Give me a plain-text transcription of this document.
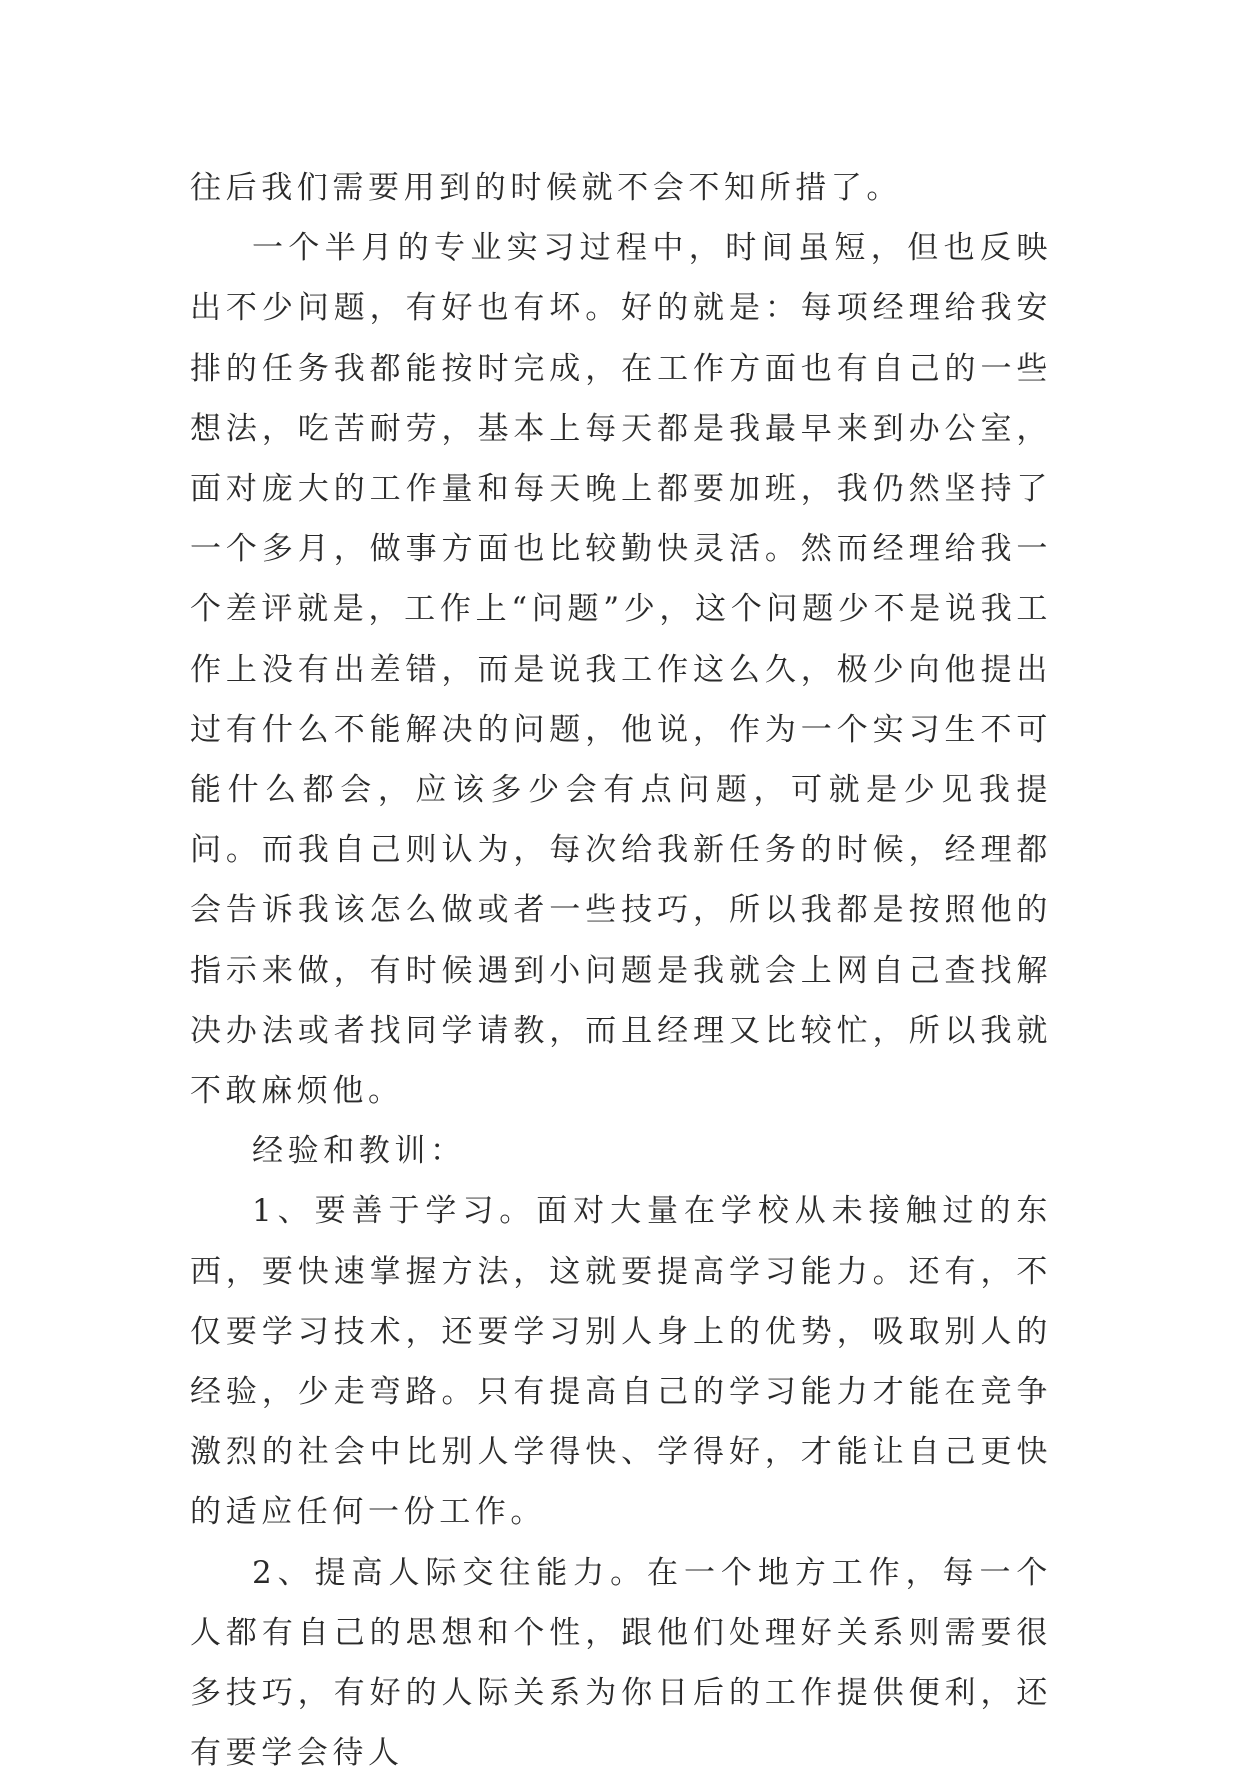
往后我们需要用到的时候就不会不知所措了。

一个半月的专业实习过程中，时间虽短，但也反映出不少问题，有好也有坏。好的就是：每项经理给我安排的任务我都能按时完成，在工作方面也有自己的一些想法，吃苦耐劳，基本上每天都是我最早来到办公室，面对庞大的工作量和每天晚上都要加班，我仍然坚持了一个多月，做事方面也比较勤快灵活。然而经理给我一个差评就是，工作上“问题”少，这个问题少不是说我工作上没有出差错，而是说我工作这么久，极少向他提出过有什么不能解决的问题，他说，作为一个实习生不可能什么都会，应该多少会有点问题，可就是少见我提问。而我自己则认为，每次给我新任务的时候，经理都会告诉我该怎么做或者一些技巧，所以我都是按照他的指示来做，有时候遇到小问题是我就会上网自己查找解决办法或者找同学请教，而且经理又比较忙，所以我就不敢麻烦他。

经验和教训：

1、要善于学习。面对大量在学校从未接触过的东西，要快速掌握方法，这就要提高学习能力。还有，不仅要学习技术，还要学习别人身上的优势，吸取别人的经验，少走弯路。只有提高自己的学习能力才能在竞争激烈的社会中比别人学得快、学得好，才能让自己更快的适应任何一份工作。

2、提高人际交往能力。在一个地方工作，每一个人都有自己的思想和个性，跟他们处理好关系则需要很多技巧，有好的人际关系为你日后的工作提供便利，还有要学会待人
